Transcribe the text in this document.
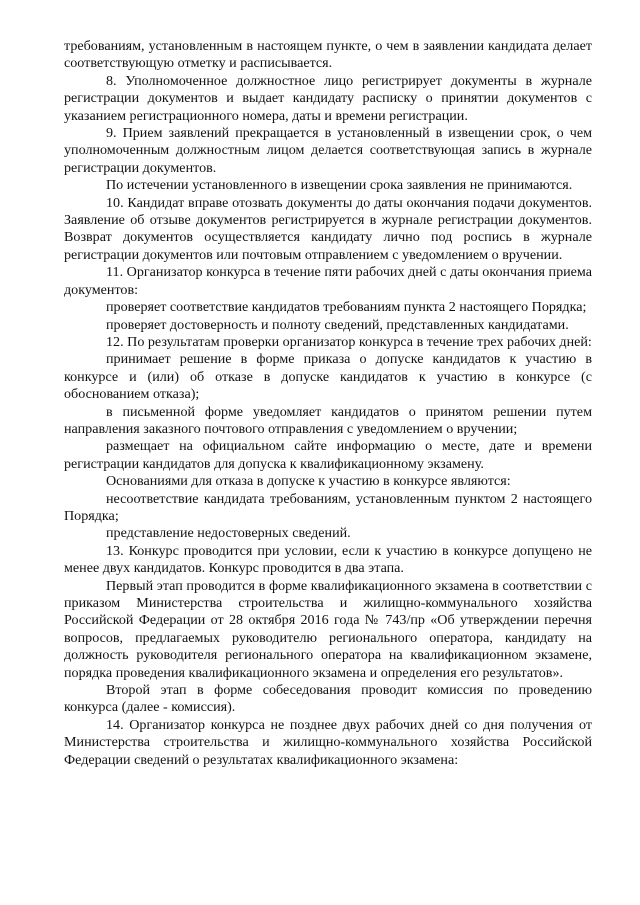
требованиям, установленным в настоящем пункте, о чем в заявлении кандидата делает соответствующую отметку и расписывается.

8. Уполномоченное должностное лицо регистрирует документы в журнале регистрации документов и выдает кандидату расписку о принятии документов с указанием регистрационного номера, даты и времени регистрации.

9. Прием заявлений прекращается в установленный в извещении срок, о чем уполномоченным должностным лицом делается соответствующая запись в журнале регистрации документов.

По истечении установленного в извещении срока заявления не принимаются.

10. Кандидат вправе отозвать документы до даты окончания подачи документов. Заявление об отзыве документов регистрируется в журнале регистрации документов. Возврат документов осуществляется кандидату лично под роспись в журнале регистрации документов или почтовым отправлением с уведомлением о вручении.

11. Организатор конкурса в течение пяти рабочих дней с даты окончания приема документов:

проверяет соответствие кандидатов требованиям пункта 2 настоящего Порядка;

проверяет достоверность и полноту сведений, представленных кандидатами.

12. По результатам проверки организатор конкурса в течение трех рабочих дней:

принимает решение в форме приказа о допуске кандидатов к участию в конкурсе и (или) об отказе в допуске кандидатов к участию в конкурсе (с обоснованием отказа);

в письменной форме уведомляет кандидатов о принятом решении путем направления заказного почтового отправления с уведомлением о вручении;

размещает на официальном сайте информацию о месте, дате и времени регистрации кандидатов для допуска к квалификационному экзамену.

Основаниями для отказа в допуске к участию в конкурсе являются:

несоответствие кандидата требованиям, установленным пунктом 2 настоящего Порядка;

представление недостоверных сведений.

13. Конкурс проводится при условии, если к участию в конкурсе допущено не менее двух кандидатов. Конкурс проводится в два этапа.

Первый этап проводится в форме квалификационного экзамена в соответствии с приказом Министерства строительства и жилищно-коммунального хозяйства Российской Федерации от 28 октября 2016 года № 743/пр «Об утверждении перечня вопросов, предлагаемых руководителю регионального оператора, кандидату на должность руководителя регионального оператора на квалификационном экзамене, порядка проведения квалификационного экзамена и определения его результатов».

Второй этап в форме собеседования проводит комиссия по проведению конкурса (далее - комиссия).

14. Организатор конкурса не позднее двух рабочих дней со дня получения от Министерства строительства и жилищно-коммунального хозяйства Российской Федерации сведений о результатах квалификационного экзамена:
